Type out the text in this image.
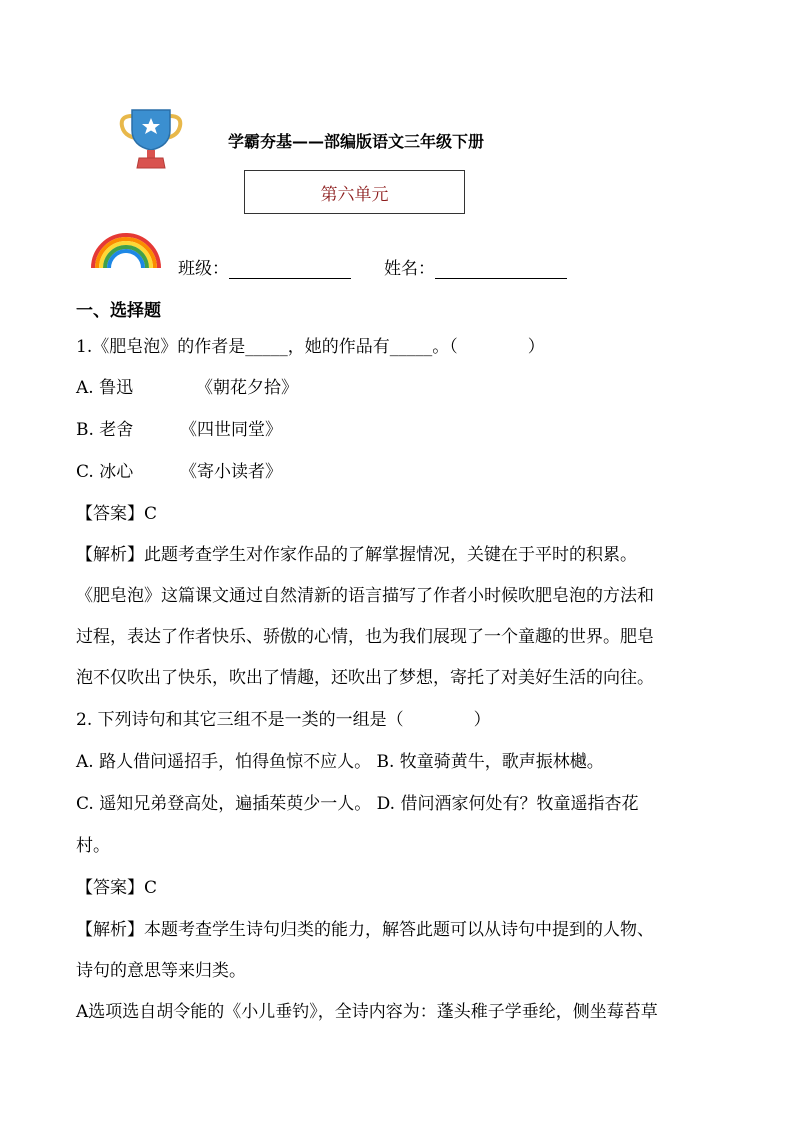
学霸夯基——部编版语文三年级下册
第六单元
班级：	姓名：
一、选择题
1.《肥皂泡》的作者是_____，她的作品有_____。（	）
A. 鲁迅	《朝花夕拾》
B. 老舍	《四世同堂》
C. 冰心	《寄小读者》
【答案】C
【解析】此题考查学生对作家作品的了解掌握情况，关键在于平时的积累。
《肥皂泡》这篇课文通过自然清新的语言描写了作者小时候吹肥皂泡的方法和
过程，表达了作者快乐、骄傲的心情，也为我们展现了一个童趣的世界。肥皂
泡不仅吹出了快乐，吹出了情趣，还吹出了梦想，寄托了对美好生活的向往。
2. 下列诗句和其它三组不是一类的一组是（	）
A. 路人借问遥招手，怕得鱼惊不应人。 B. 牧童骑黄牛，歌声振林樾。
C. 遥知兄弟登高处，遍插茱萸少一人。 D. 借问酒家何处有？牧童遥指杏花
村。
【答案】C
【解析】本题考查学生诗句归类的能力，解答此题可以从诗句中提到的人物、
诗句的意思等来归类。
A选项选自胡令能的《小儿垂钓》，全诗内容为：蓬头稚子学垂纶，侧坐莓苔草
